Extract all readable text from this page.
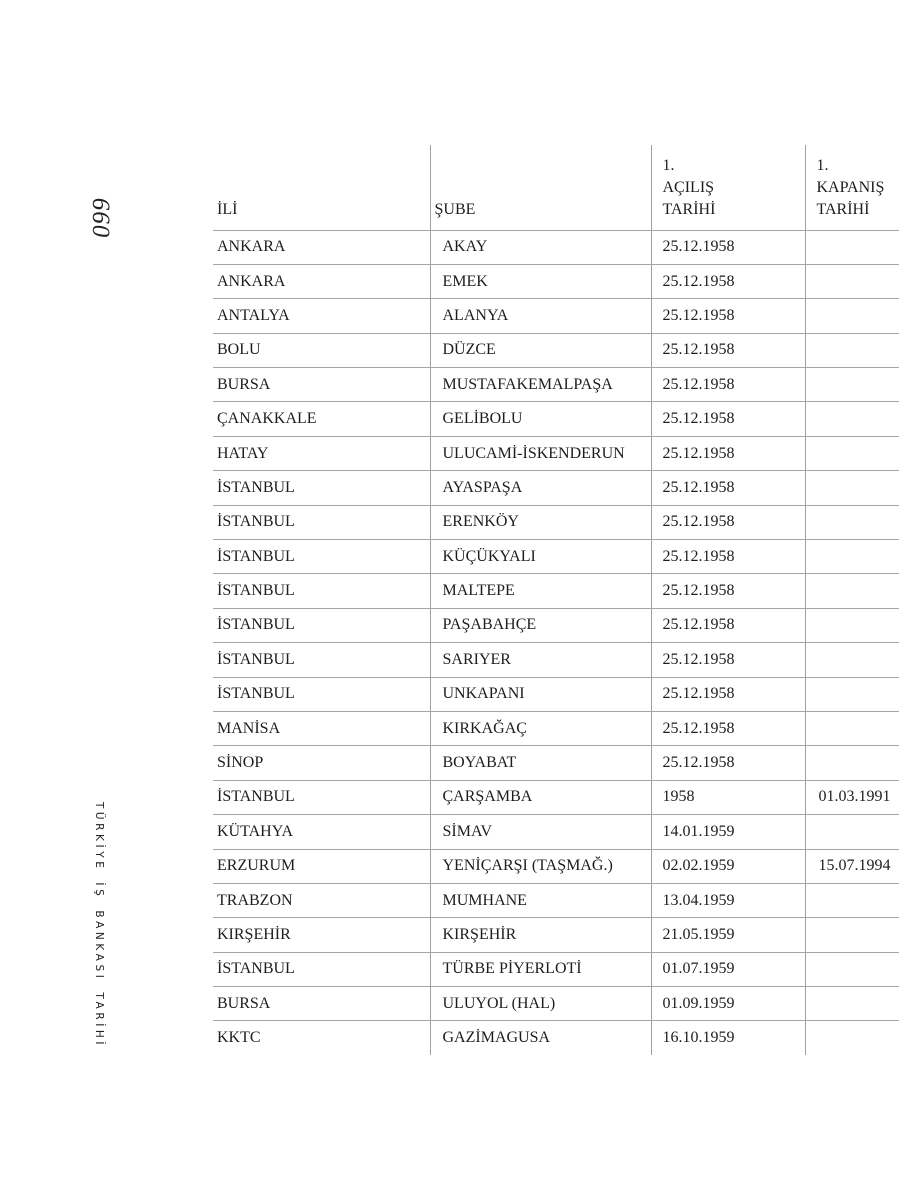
660
TÜRKİYE İŞ BANKASI TARİHİ
İLİ	ŞUBE	1.
AÇILIŞ
TARİHİ	1.
KAPANIŞ
TARİHİ

ANKARA	AKAY	25.12.1958	
ANKARA	EMEK	25.12.1958	
ANTALYA	ALANYA	25.12.1958	
BOLU	DÜZCE	25.12.1958	
BURSA	MUSTAFAKEMALPAŞA	25.12.1958	
ÇANAKKALE	GELİBOLU	25.12.1958	
HATAY	ULUCAMİ-İSKENDERUN	25.12.1958	
İSTANBUL	AYASPAŞA	25.12.1958	
İSTANBUL	ERENKÖY	25.12.1958	
İSTANBUL	KÜÇÜKYALI	25.12.1958	
İSTANBUL	MALTEPE	25.12.1958	
İSTANBUL	PAŞABAHÇE	25.12.1958	
İSTANBUL	SARIYER	25.12.1958	
İSTANBUL	UNKAPANI	25.12.1958	
MANİSA	KIRKAĞAÇ	25.12.1958	
SİNOP	BOYABAT	25.12.1958	
İSTANBUL	ÇARŞAMBA	1958	01.03.1991
KÜTAHYA	SİMAV	14.01.1959	
ERZURUM	YENİÇARŞI (TAŞMAĞ.)	02.02.1959	15.07.1994
TRABZON	MUMHANE	13.04.1959	
KIRŞEHİR	KIRŞEHİR	21.05.1959	
İSTANBUL	TÜRBE PİYERLOTİ	01.07.1959	
BURSA	ULUYOL (HAL)	01.09.1959	
KKTC	GAZİMAGUSA	16.10.1959	
